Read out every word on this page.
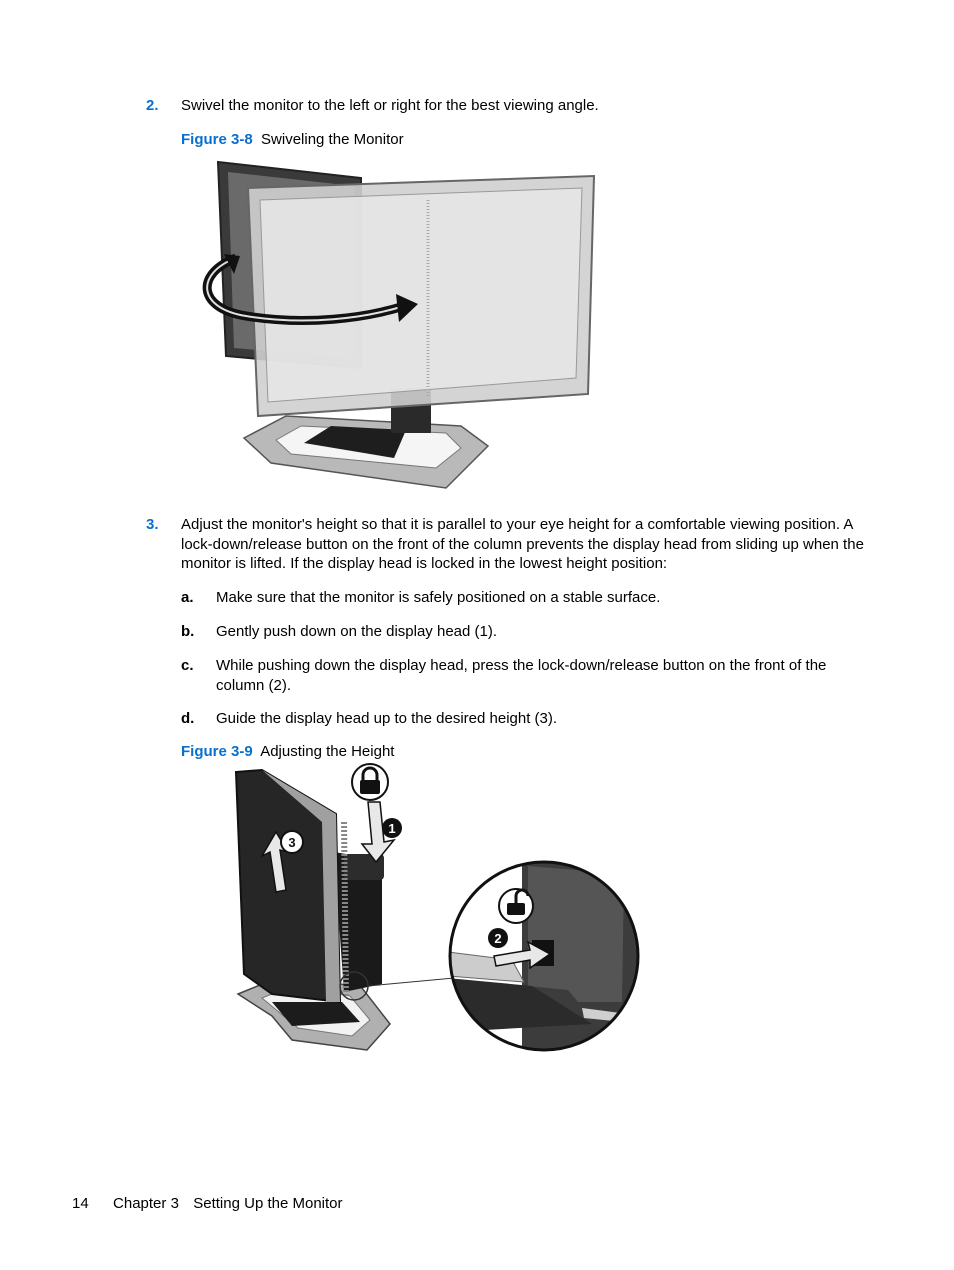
2. Swivel the monitor to the left or right for the best viewing angle.
Figure 3-8 Swiveling the Monitor
3. Adjust the monitor's height so that it is parallel to your eye height for a comfortable viewing position. A lock-down/release button on the front of the column prevents the display head from sliding up when the monitor is lifted. If the display head is locked in the lowest height position:
a. Make sure that the monitor is safely positioned on a stable surface.
b. Gently push down on the display head (1).
c. While pushing down the display head, press the lock-down/release button on the front of the column (2).
d. Guide the display head up to the desired height (3).
Figure 3-9 Adjusting the Height
1
3
2
14 Chapter 3 Setting Up the Monitor
